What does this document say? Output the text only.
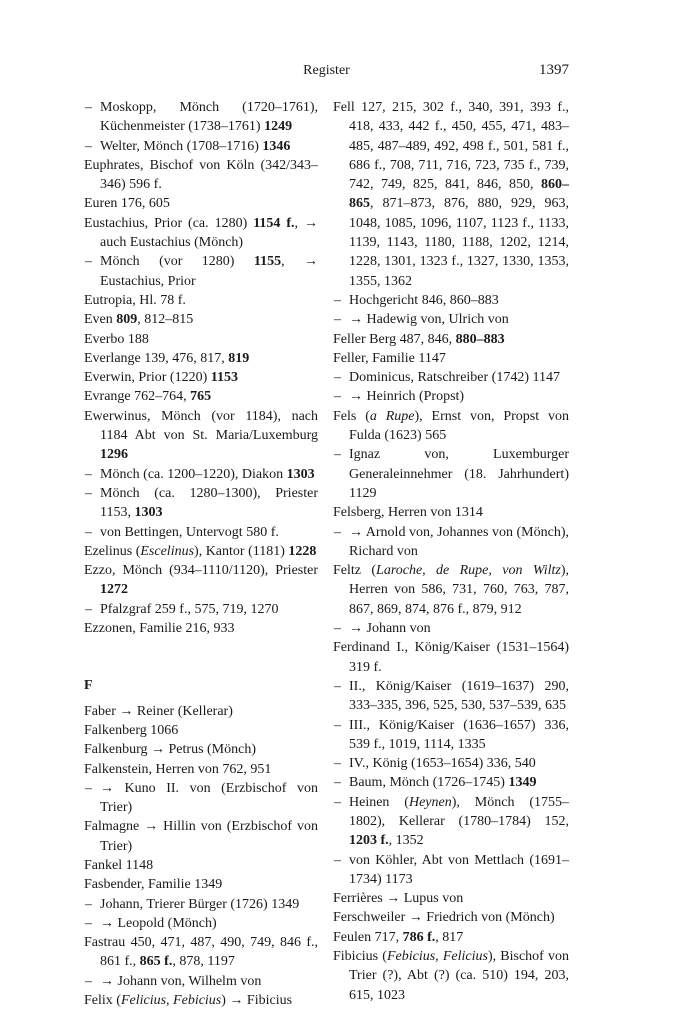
Register	1397

– Moskopp, Mönch (1720–1761), Küchenmeister (1738–1761) 1249

– Welter, Mönch (1708–1716) 1346

Euphrates, Bischof von Köln (342/343–346) 596 f.

Euren 176, 605

Eustachius, Prior (ca. 1280) 1154 f., → auch Eustachius (Mönch)

– Mönch (vor 1280) 1155, → Eustachius, Prior

Eutropia, Hl. 78 f.

Even 809, 812–815

Everbo 188

Everlange 139, 476, 817, 819

Everwin, Prior (1220) 1153

Evrange 762–764, 765

Ewerwinus, Mönch (vor 1184), nach 1184 Abt von St. Maria/Luxemburg 1296

– Mönch (ca. 1200–1220), Diakon 1303

– Mönch (ca. 1280–1300), Priester 1153, 1303

– von Bettingen, Untervogt 580 f.

Ezelinus (Escelinus), Kantor (1181) 1228

Ezzo, Mönch (934–1110/1120), Priester 1272

– Pfalzgraf 259 f., 575, 719, 1270

Ezzonen, Familie 216, 933

F

Faber → Reiner (Kellerar)

Falkenberg 1066

Falkenburg → Petrus (Mönch)

Falkenstein, Herren von 762, 951

– → Kuno II. von (Erzbischof von Trier)

Falmagne → Hillin von (Erzbischof von Trier)

Fankel 1148

Fasbender, Familie 1349

– Johann, Trierer Bürger (1726) 1349

– → Leopold (Mönch)

Fastrau 450, 471, 487, 490, 749, 846 f., 861 f., 865 f., 878, 1197

– → Johann von, Wilhelm von

Felix (Felicius, Febicius) → Fibicius

Fell 127, 215, 302 f., 340, 391, 393 f., 418, 433, 442 f., 450, 455, 471, 483–485, 487–489, 492, 498 f., 501, 581 f., 686 f., 708, 711, 716, 723, 735 f., 739, 742, 749, 825, 841, 846, 850, 860–865, 871–873, 876, 880, 929, 963, 1048, 1085, 1096, 1107, 1123 f., 1133, 1139, 1143, 1180, 1188, 1202, 1214, 1228, 1301, 1323 f., 1327, 1330, 1353, 1355, 1362

– Hochgericht 846, 860–883

– → Hadewig von, Ulrich von

Feller Berg 487, 846, 880–883

Feller, Familie 1147

– Dominicus, Ratschreiber (1742) 1147

– → Heinrich (Propst)

Fels (a Rupe), Ernst von, Propst von Fulda (1623) 565

– Ignaz von, Luxemburger Generaleinnehmer (18. Jahrhundert) 1129

Felsberg, Herren von 1314

– → Arnold von, Johannes von (Mönch), Richard von

Feltz (Laroche, de Rupe, von Wiltz), Herren von 586, 731, 760, 763, 787, 867, 869, 874, 876 f., 879, 912

– → Johann von

Ferdinand I., König/Kaiser (1531–1564) 319 f.

– II., König/Kaiser (1619–1637) 290, 333–335, 396, 525, 530, 537–539, 635

– III., König/Kaiser (1636–1657) 336, 539 f., 1019, 1114, 1335

– IV., König (1653–1654) 336, 540

– Baum, Mönch (1726–1745) 1349

– Heinen (Heynen), Mönch (1755–1802), Kellerar (1780–1784) 152, 1203 f., 1352

– von Köhler, Abt von Mettlach (1691–1734) 1173

Ferrières → Lupus von

Ferschweiler → Friedrich von (Mönch)

Feulen 717, 786 f., 817

Fibicius (Febicius, Felicius), Bischof von Trier (?), Abt (?) (ca. 510) 194, 203, 615, 1023
